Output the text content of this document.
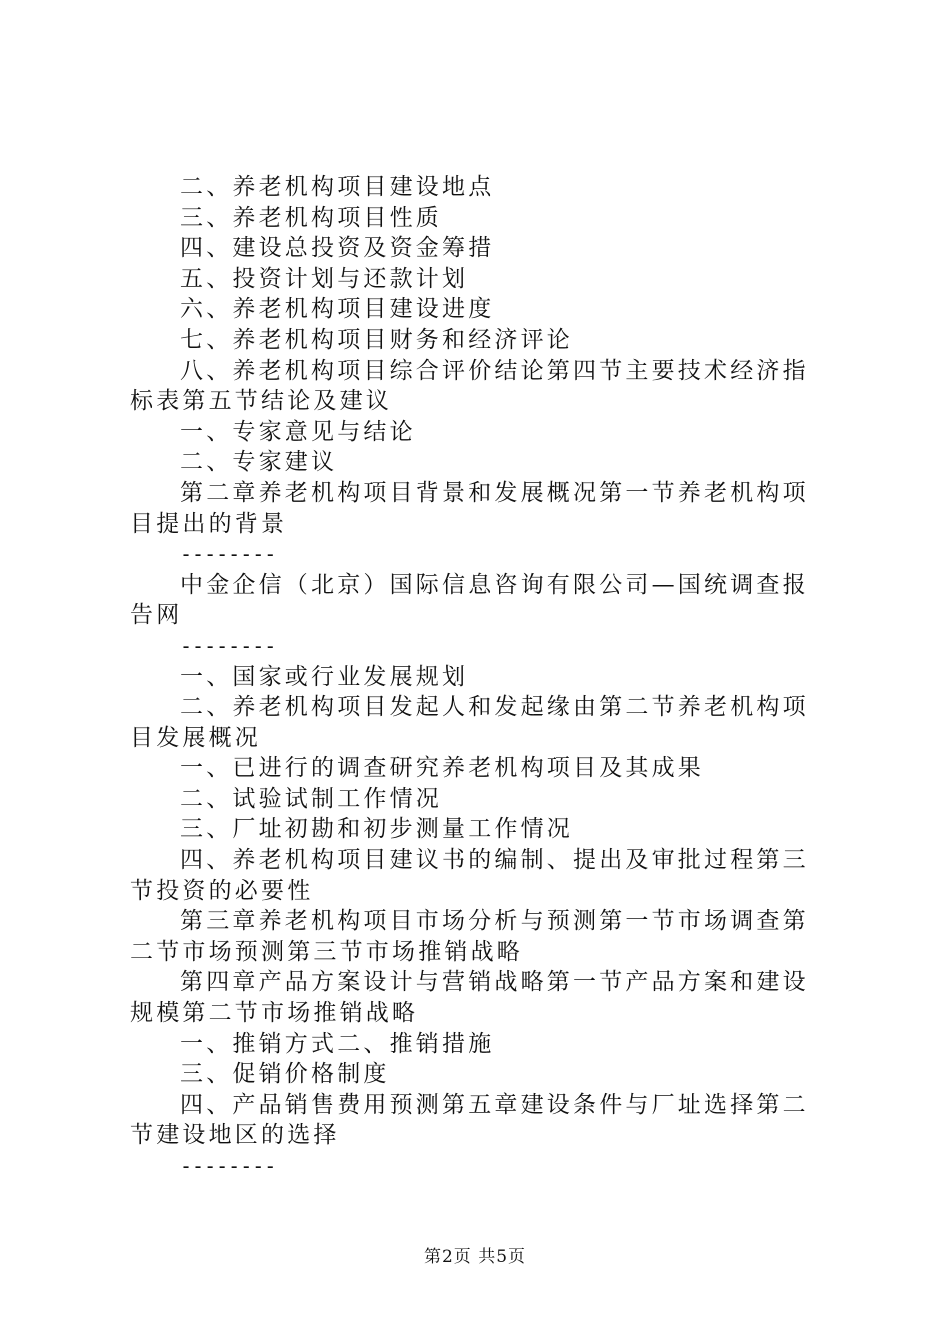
二、养老机构项目建设地点

三、养老机构项目性质

四、建设总投资及资金筹措

五、投资计划与还款计划

六、养老机构项目建设进度

七、养老机构项目财务和经济评论

八、养老机构项目综合评价结论第四节主要技术经济指标表第五节结论及建议

一、专家意见与结论

二、专家建议

第二章养老机构项目背景和发展概况第一节养老机构项目提出的背景

--------

中金企信（北京）国际信息咨询有限公司—国统调查报告网

--------

一、国家或行业发展规划

二、养老机构项目发起人和发起缘由第二节养老机构项目发展概况

一、已进行的调查研究养老机构项目及其成果

二、试验试制工作情况

三、厂址初勘和初步测量工作情况

四、养老机构项目建议书的编制、提出及审批过程第三节投资的必要性

第三章养老机构项目市场分析与预测第一节市场调查第二节市场预测第三节市场推销战略

第四章产品方案设计与营销战略第一节产品方案和建设规模第二节市场推销战略

一、推销方式二、推销措施

三、促销价格制度

四、产品销售费用预测第五章建设条件与厂址选择第二节建设地区的选择

--------

第2页 共5页
